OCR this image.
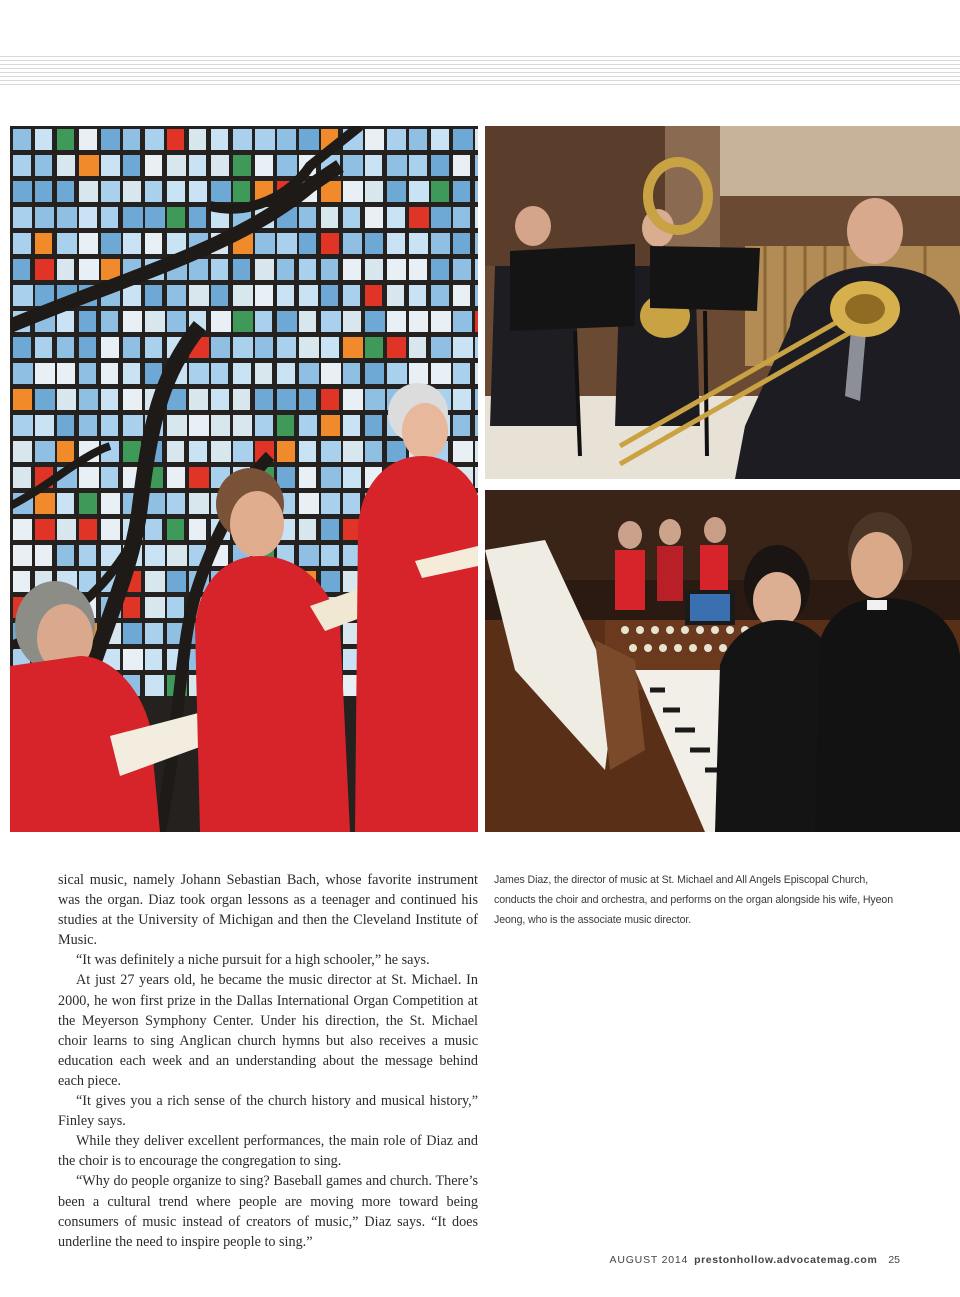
sical music, namely Johann Sebastian Bach, whose favorite instrument was the organ. Diaz took organ lessons as a teenager and continued his studies at the University of Michigan and then the Cleveland Institute of Music.

“It was definitely a niche pursuit for a high schooler,” he says.

At just 27 years old, he became the music director at St. Michael. In 2000, he won first prize in the Dallas International Organ Competition at the Meyerson Symphony Center. Under his direction, the St. Michael choir learns to sing Anglican church hymns but also receives a music education each week and an understanding about the message behind each piece.

“It gives you a rich sense of the church history and musical history,” Finley says.

While they deliver excellent performances, the main role of Diaz and the choir is to encourage the congregation to sing.

“Why do people organize to sing? Baseball games and church. There’s been a cultural trend where people are moving more toward being consumers of music instead of creators of music,” Diaz says. “It does underline the need to inspire people to sing.”

James Diaz, the director of music at St. Michael and All Angels Episcopal Church, conducts the choir and orchestra, and performs on the organ alongside his wife, Hyeon Jeong, who is the associate music director.
AUGUST 2014 prestonhollow.advocatemag.com 25
